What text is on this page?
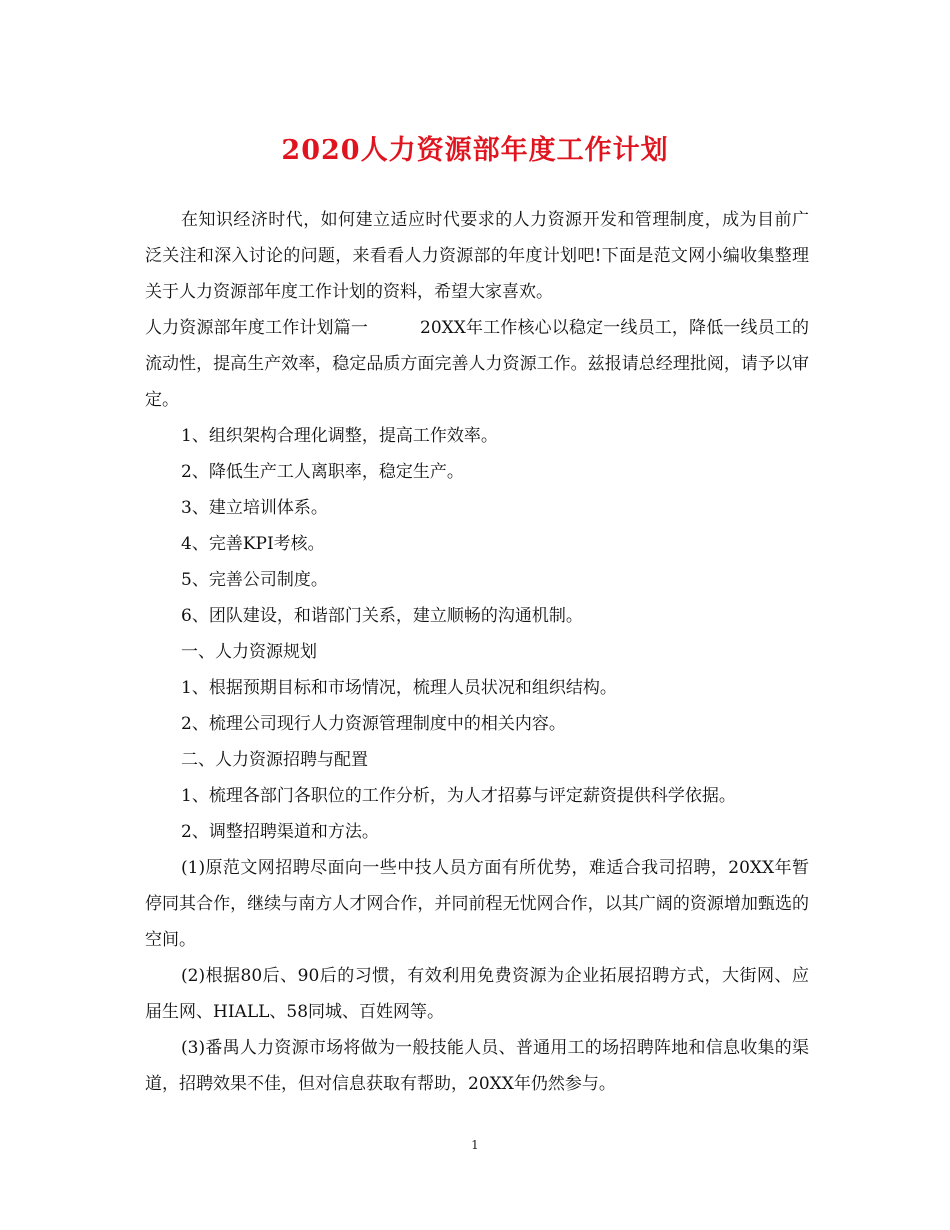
2020人力资源部年度工作计划

在知识经济时代，如何建立适应时代要求的人力资源开发和管理制度，成为目前广泛关注和深入讨论的问题，来看看人力资源部的年度计划吧!下面是范文网小编收集整理关于人力资源部年度工作计划的资料，希望大家喜欢。

人力资源部年度工作计划篇一	20XX年工作核心以稳定一线员工，降低一线员工的流动性，提高生产效率，稳定品质方面完善人力资源工作。兹报请总经理批阅，请予以审定。

1、组织架构合理化调整，提高工作效率。

2、降低生产工人离职率，稳定生产。

3、建立培训体系。

4、完善KPI考核。

5、完善公司制度。

6、团队建设，和谐部门关系，建立顺畅的沟通机制。

一、人力资源规划

1、根据预期目标和市场情况，梳理人员状况和组织结构。

2、梳理公司现行人力资源管理制度中的相关内容。

二、人力资源招聘与配置

1、梳理各部门各职位的工作分析，为人才招募与评定薪资提供科学依据。

2、调整招聘渠道和方法。

(1)原范文网招聘尽面向一些中技人员方面有所优势，难适合我司招聘，20XX年暂停同其合作，继续与南方人才网合作，并同前程无忧网合作，以其广阔的资源增加甄选的空间。

(2)根据80后、90后的习惯，有效利用免费资源为企业拓展招聘方式，大街网、应届生网、HIALL、58同城、百姓网等。

(3)番禺人力资源市场将做为一般技能人员、普通用工的场招聘阵地和信息收集的渠道，招聘效果不佳，但对信息获取有帮助，20XX年仍然参与。

1
